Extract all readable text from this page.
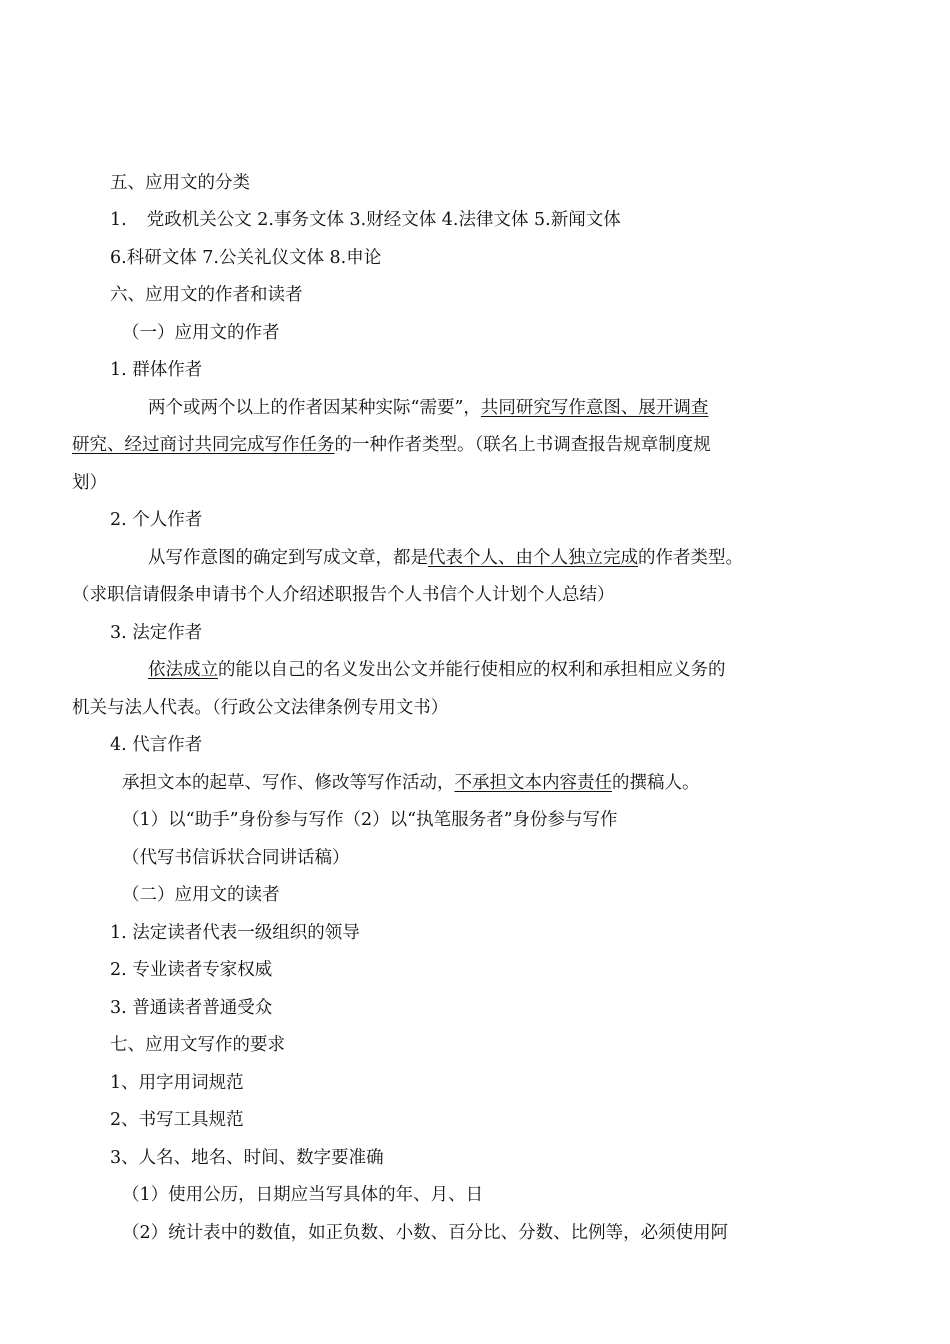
五、应用文的分类
1. 党政机关公文 2.事务文体 3.财经文体 4.法律文体 5.新闻文体
6.科研文体 7.公关礼仪文体 8.申论
六、应用文的作者和读者
（一）应用文的作者
1. 群体作者
两个或两个以上的作者因某种实际“需要”，共同研究写作意图、展开调查
研究、经过商讨共同完成写作任务的一种作者类型。（联名上书调查报告规章制度规
划）
2. 个人作者
从写作意图的确定到写成文章，都是代表个人、由个人独立完成的作者类型。
（求职信请假条申请书个人介绍述职报告个人书信个人计划个人总结）
3. 法定作者
依法成立的能以自己的名义发出公文并能行使相应的权利和承担相应义务的
机关与法人代表。（行政公文法律条例专用文书）
4. 代言作者
承担文本的起草、写作、修改等写作活动，不承担文本内容责任的撰稿人。
（1）以“助手”身份参与写作（2）以“执笔服务者”身份参与写作
（代写书信诉状合同讲话稿）
（二）应用文的读者
1. 法定读者代表一级组织的领导
2. 专业读者专家权威
3. 普通读者普通受众
七、应用文写作的要求
1、用字用词规范
2、书写工具规范
3、人名、地名、时间、数字要准确
（1）使用公历，日期应当写具体的年、月、日
（2）统计表中的数值，如正负数、小数、百分比、分数、比例等，必须使用阿
